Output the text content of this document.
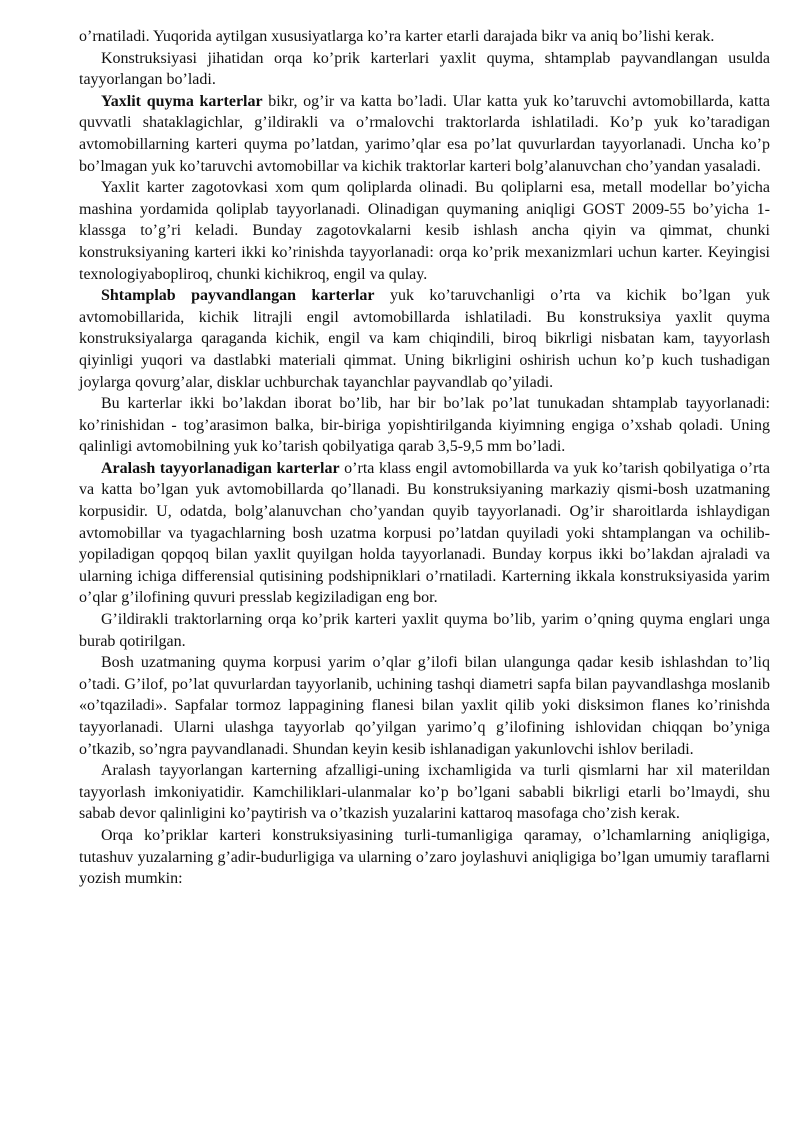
o’rnatiladi. Yuqorida aytilgan xususiyatlarga ko’ra karter etarli darajada bikr va aniq bo’lishi kerak.

Konstruksiyasi jihatidan orqa ko’prik karterlari yaxlit quyma, shtamplab payvandlangan usulda tayyorlangan bo’ladi.

Yaxlit quyma karterlar bikr, og’ir va katta bo’ladi. Ular katta yuk ko’taruvchi avtomobillarda, katta quvvatli shataklagichlar, g’ildirakli va o’rmalovchi traktorlarda ishlatiladi. Ko’p yuk ko’taradigan avtomobillarning karteri quyma po’latdan, yarimo’qlar esa po’lat quvurlardan tayyorlanadi. Uncha ko’p bo’lmagan yuk ko’taruvchi avtomobillar va kichik traktorlar karteri bolg’alanuvchan cho’yandan yasaladi.

Yaxlit karter zagotovkasi xom qum qoliplarda olinadi. Bu qoliplarni esa, metall modellar bo’yicha mashina yordamida qoliplab tayyorlanadi. Olinadigan quymaning aniqligi GOST 2009-55 bo’yicha 1-klassga to’g’ri keladi. Bunday zagotovkalarni kesib ishlash ancha qiyin va qimmat, chunki konstruksiyaning karteri ikki ko’rinishda tayyorlanadi: orqa ko’prik mexanizmlari uchun karter. Keyingisi texnologiyabopliroq, chunki kichikroq, engil va qulay.

Shtamplab payvandlangan karterlar yuk ko’taruvchanligi o’rta va kichik bo’lgan yuk avtomobillarida, kichik litrajli engil avtomobillarda ishlatiladi. Bu konstruksiya yaxlit quyma konstruksiyalarga qaraganda kichik, engil va kam chiqindili, biroq bikrligi nisbatan kam, tayyorlash qiyinligi yuqori va dastlabki materiali qimmat. Uning bikrligini oshirish uchun ko’p kuch tushadigan joylarga qovurg’alar, disklar uchburchak tayanchlar payvandlab qo’yiladi.

Bu karterlar ikki bo’lakdan iborat bo’lib, har bir bo’lak po’lat tunukadan shtamplab tayyorlanadi: ko’rinishidan - tog’arasimon balka, bir-biriga yopishtirilganda kiyimning engiga o’xshab qoladi. Uning qalinligi avtomobilning yuk ko’tarish qobilyatiga qarab 3,5-9,5 mm bo’ladi.

Aralash tayyorlanadigan karterlar o’rta klass engil avtomobillarda va yuk ko’tarish qobilyatiga o’rta va katta bo’lgan yuk avtomobillarda qo’llanadi. Bu konstruksiyaning markaziy qismi-bosh uzatmaning korpusidir. U, odatda, bolg’alanuvchan cho’yandan quyib tayyorlanadi. Og’ir sharoitlarda ishlaydigan avtomobillar va tyagachlarning bosh uzatma korpusi po’latdan quyiladi yoki shtamplangan va ochilib-yopiladigan qopqoq bilan yaxlit quyilgan holda tayyorlanadi. Bunday korpus ikki bo’lakdan ajraladi va ularning ichiga differensial qutisining podshipniklari o’rnatiladi. Karterning ikkala konstruksiyasida yarim o’qlar g’ilofining quvuri presslab kegiziladigan eng bor.

G’ildirakli traktorlarning orqa ko’prik karteri yaxlit quyma bo’lib, yarim o’qning quyma englari unga burab qotirilgan.

Bosh uzatmaning quyma korpusi yarim o’qlar g’ilofi bilan ulangunga qadar kesib ishlashdan to’liq o’tadi. G’ilof, po’lat quvurlardan tayyorlanib, uchining tashqi diametri sapfa bilan payvandlashga moslanib «o’tqaziladi». Sapfalar tormoz lappagining flanesi bilan yaxlit qilib yoki disksimon flanes ko’rinishda tayyorlanadi. Ularni ulashga tayyorlab qo’yilgan yarimo’q g’ilofining ishlovidan chiqqan bo’yniga o’tkazib, so’ngra payvandlanadi. Shundan keyin kesib ishlanadigan yakunlovchi ishlov beriladi.

Aralash tayyorlangan karterning afzalligi-uning ixchamligida va turli qismlarni har xil materildan tayyorlash imkoniyatidir. Kamchiliklari-ulanmalar ko’p bo’lgani sababli bikrligi etarli bo’lmaydi, shu sabab devor qalinligini ko’paytirish va o’tkazish yuzalarini kattaroq masofaga cho’zish kerak.

Orqa ko’priklar karteri konstruksiyasining turli-tumanligiga qaramay, o’lchamlarning aniqligiga, tutashuv yuzalarning g’adir-budurligiga va ularning o’zaro joylashuvi aniqligiga bo’lgan umumiy taraflarni yozish mumkin:
